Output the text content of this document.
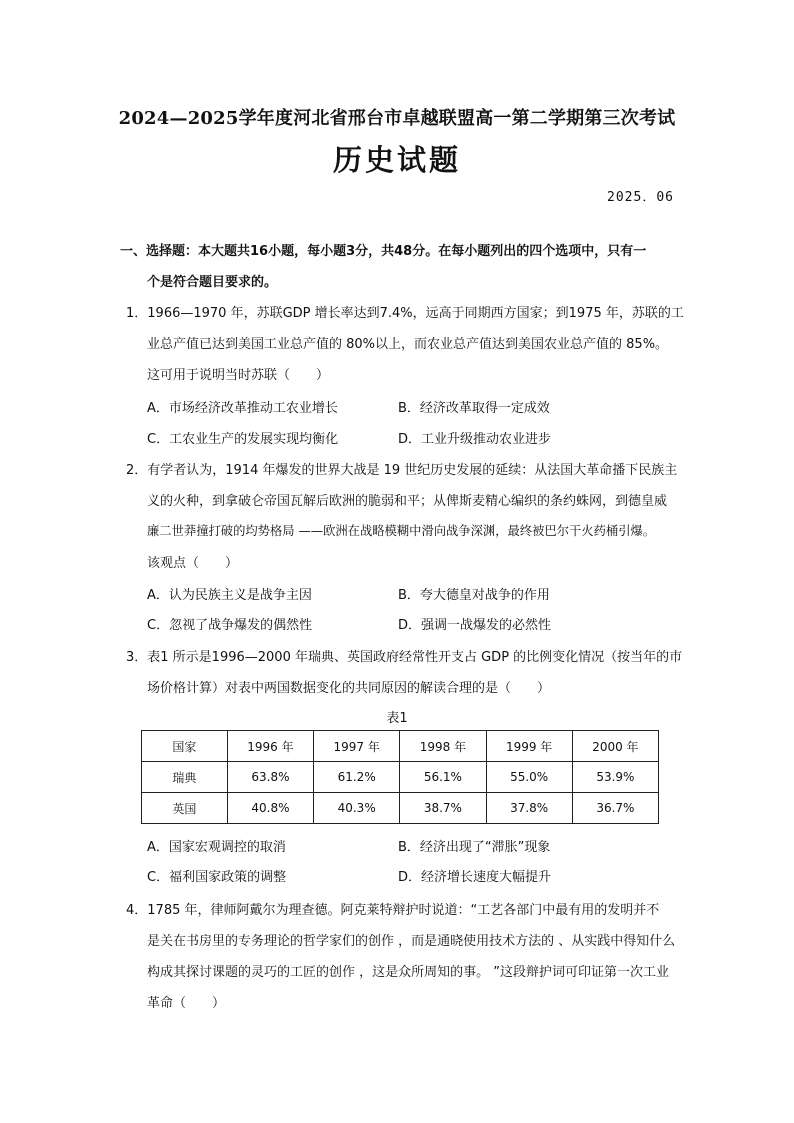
2024—2025学年度河北省邢台市卓越联盟高一第二学期第三次考试
历史试题
2025．06
一、选择题：本大题共16小题，每小题3分，共48分。在每小题列出的四个选项中，只有一
个是符合题目要求的。
1．1966—1970 年，苏联GDP 增长率达到7.4%，远高于同期西方国家；到1975 年，苏联的工
业总产值已达到美国工业总产值的 80%以上，而农业总产值达到美国农业总产值的 85%。
这可用于说明当时苏联（　　）
A．市场经济改革推动工农业增长	B．经济改革取得一定成效
C．工农业生产的发展实现均衡化	D．工业升级推动农业进步
2．有学者认为，1914 年爆发的世界大战是 19 世纪历史发展的延续：从法国大革命播下民族主
义的火种，到拿破仑帝国瓦解后欧洲的脆弱和平；从俾斯麦精心编织的条约蛛网，到德皇威
廉二世莽撞打破的均势格局 ——欧洲在战略模糊中滑向战争深渊，最终被巴尔干火药桶引爆。
该观点（　　）
A．认为民族主义是战争主因	B．夸大德皇对战争的作用
C．忽视了战争爆发的偶然性	D．强调一战爆发的必然性
3．表1 所示是1996—2000 年瑞典、英国政府经常性开支占 GDP 的比例变化情况（按当年的市
场价格计算）对表中两国数据变化的共同原因的解读合理的是（　　）
表1
国家	1996 年	1997 年	1998 年	1999 年	2000 年
瑞典	63.8%	61.2%	56.1%	55.0%	53.9%
英国	40.8%	40.3%	38.7%	37.8%	36.7%
A．国家宏观调控的取消	B．经济出现了“滞胀”现象
C．福利国家政策的调整	D．经济增长速度大幅提升
4．1785 年，律师阿戴尔为理查德。阿克莱特辩护时说道：“工艺各部门中最有用的发明并不
是关在书房里的专务理论的哲学家们的创作 ，而是通晓使用技术方法的 、从实践中得知什么
构成其探讨课题的灵巧的工匠的创作 ，这是众所周知的事。 ”这段辩护词可印证第一次工业
革命（　　）
